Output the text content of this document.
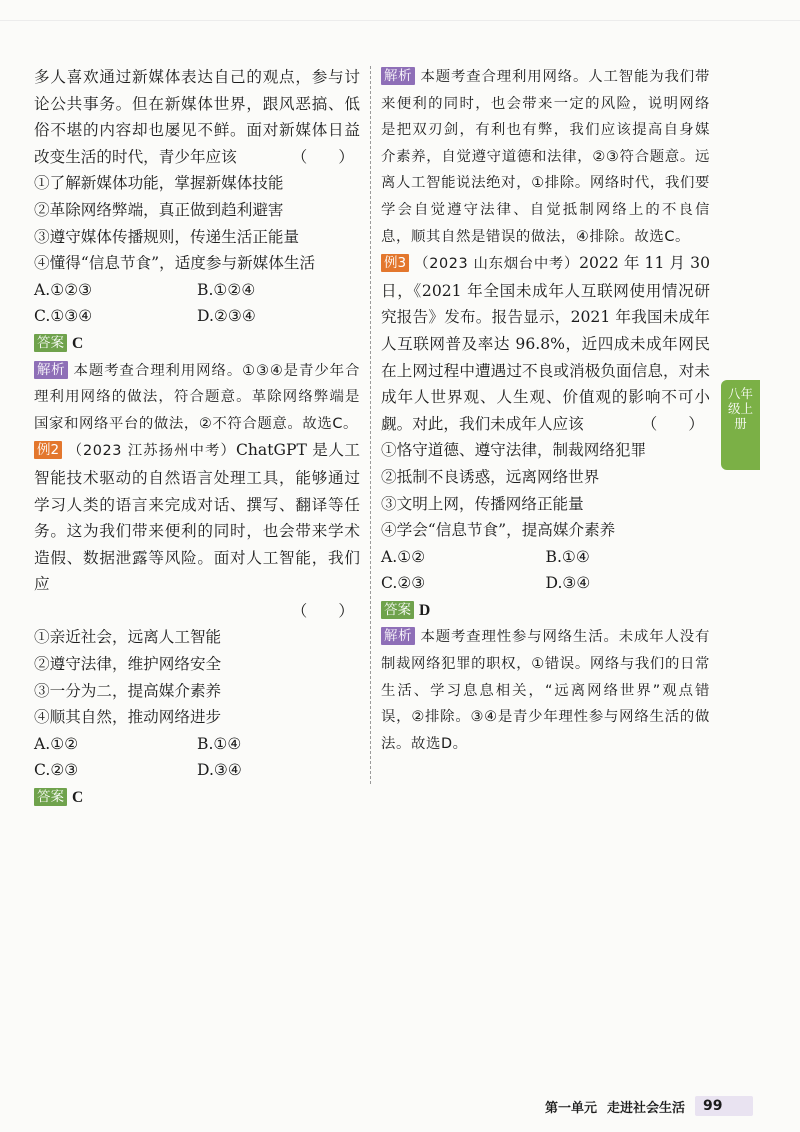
多人喜欢通过新媒体表达自己的观点，参与讨论公共事务。但在新媒体世界，跟风恶搞、低俗不堪的内容却也屡见不鲜。面对新媒体日益改变生活的时代，青少年应该	（　　）

①了解新媒体功能，掌握新媒体技能

②革除网络弊端，真正做到趋利避害

③遵守媒体传播规则，传递生活正能量

④懂得“信息节食”，适度参与新媒体生活

A.①②③	B.①②④
C.①③④	D.②③④

答案 C

解析 本题考查合理利用网络。①③④是青少年合理利用网络的做法，符合题意。革除网络弊端是国家和网络平台的做法，②不符合题意。故选C。

例2 （2023 江苏扬州中考）ChatGPT 是人工智能技术驱动的自然语言处理工具，能够通过学习人类的语言来完成对话、撰写、翻译等任务。这为我们带来便利的同时，也会带来学术造假、数据泄露等风险。面对人工智能，我们应

（　　）

①亲近社会，远离人工智能

②遵守法律，维护网络安全

③一分为二，提高媒介素养

④顺其自然，推动网络进步

A.①②	B.①④
C.②③	D.③④

答案 C

解析 本题考查合理利用网络。人工智能为我们带来便利的同时，也会带来一定的风险，说明网络是把双刃剑，有利也有弊，我们应该提高自身媒介素养，自觉遵守道德和法律，②③符合题意。远离人工智能说法绝对，①排除。网络时代，我们要学会自觉遵守法律、自觉抵制网络上的不良信息，顺其自然是错误的做法，④排除。故选C。

例3 （2023 山东烟台中考）2022 年 11 月 30 日，《2021 年全国未成年人互联网使用情况研究报告》发布。报告显示，2021 年我国未成年人互联网普及率达 96.8%，近四成未成年网民在上网过程中遭遇过不良或消极负面信息，对未成年人世界观、人生观、价值观的影响不可小觑。对此，我们未成年人应该	（　　）

①恪守道德、遵守法律，制裁网络犯罪

②抵制不良诱惑，远离网络世界

③文明上网，传播网络正能量

④学会“信息节食”，提高媒介素养

A.①②	B.①④
C.②③	D.③④

答案 D

解析 本题考查理性参与网络生活。未成年人没有制裁网络犯罪的职权，①错误。网络与我们的日常生活、学习息息相关，“远离网络世界”观点错误，②排除。③④是青少年理性参与网络生活的做法。故选D。

八年
级上
册
第一单元 走进社会生活	99
